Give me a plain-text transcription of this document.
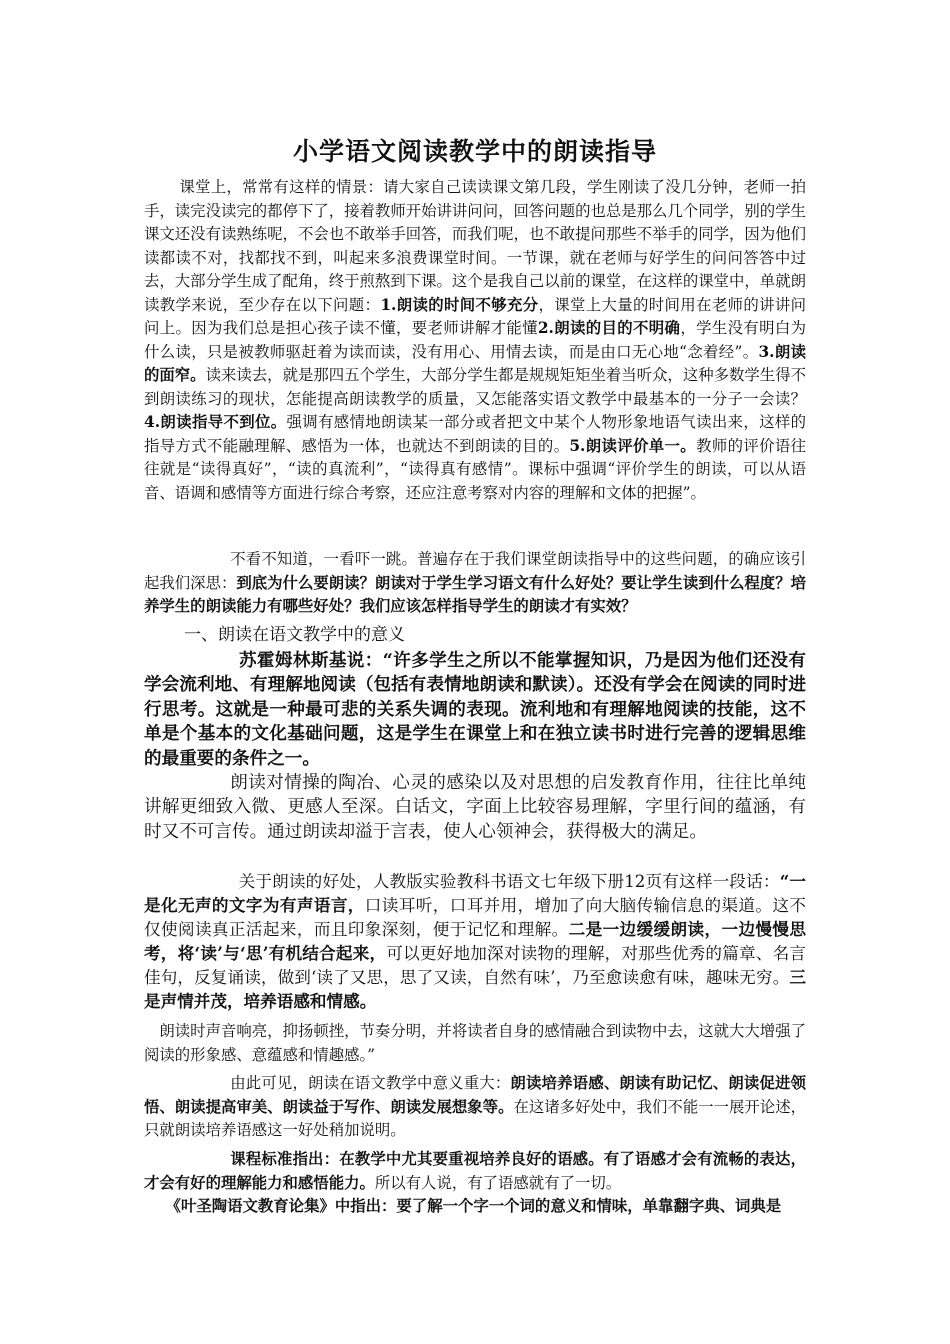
小学语文阅读教学中的朗读指导
课堂上，常常有这样的情景：请大家自己读读课文第几段，学生刚读了没几分钟，老师一拍手，读完没读完的都停下了，接着教师开始讲讲问问，回答问题的也总是那么几个同学，别的学生课文还没有读熟练呢，不会也不敢举手回答，而我们呢，也不敢提问那些不举手的同学，因为他们读都读不对，找都找不到，叫起来多浪费课堂时间。一节课，就在老师与好学生的问问答答中过去，大部分学生成了配角，终于煎熬到下课。这个是我自己以前的课堂，在这样的课堂中，单就朗读教学来说，至少存在以下问题：1.朗读的时间不够充分，课堂上大量的时间用在老师的讲讲问问上。因为我们总是担心孩子读不懂，要老师讲解才能懂2.朗读的目的不明确，学生没有明白为什么读，只是被教师驱赶着为读而读，没有用心、用情去读，而是由口无心地“念着经”。3.朗读的面窄。读来读去，就是那四五个学生，大部分学生都是规规矩矩坐着当听众，这种多数学生得不到朗读练习的现状，怎能提高朗读教学的质量，又怎能落实语文教学中最基本的一分子一会读？4.朗读指导不到位。强调有感情地朗读某一部分或者把文中某个人物形象地语气读出来，这样的指导方式不能融理解、感悟为一体，也就达不到朗读的目的。5.朗读评价单一。教师的评价语往往就是“读得真好”，“读的真流利”，“读得真有感情”。课标中强调“评价学生的朗读，可以从语音、语调和感情等方面进行综合考察，还应注意考察对内容的理解和文体的把握”。
不看不知道，一看吓一跳。普遍存在于我们课堂朗读指导中的这些问题，的确应该引起我们深思：到底为什么要朗读？朗读对于学生学习语文有什么好处？要让学生读到什么程度？培养学生的朗读能力有哪些好处？我们应该怎样指导学生的朗读才有实效？
一、朗读在语文教学中的意义
苏霍姆林斯基说：“许多学生之所以不能掌握知识，乃是因为他们还没有学会流利地、有理解地阅读（包括有表情地朗读和默读）。还没有学会在阅读的同时进行思考。这就是一种最可悲的关系失调的表现。流利地和有理解地阅读的技能，这不单是个基本的文化基础问题，这是学生在课堂上和在独立读书时进行完善的逻辑思维的最重要的条件之一。
朗读对情操的陶冶、心灵的感染以及对思想的启发教育作用，往往比单纯讲解更细致入微、更感人至深。白话文，字面上比较容易理解，字里行间的蕴涵，有时又不可言传。通过朗读却溢于言表，使人心领神会，获得极大的满足。
关于朗读的好处，人教版实验教科书语文七年级下册12页有这样一段话：“一是化无声的文字为有声语言，口读耳听，口耳并用，增加了向大脑传输信息的渠道。这不仅使阅读真正活起来，而且印象深刻，便于记忆和理解。二是一边缓缓朗读，一边慢慢思考，将‘读’与‘思’有机结合起来，可以更好地加深对读物的理解，对那些优秀的篇章、名言佳句，反复诵读，做到‘读了又思，思了又读，自然有味’，乃至愈读愈有味，趣味无穷。三是声情并茂，培养语感和情感。
朗读时声音响亮，抑扬顿挫，节奏分明，并将读者自身的感情融合到读物中去，这就大大增强了阅读的形象感、意蕴感和情趣感。”
由此可见，朗读在语文教学中意义重大：朗读培养语感、朗读有助记忆、朗读促进领悟、朗读提高审美、朗读益于写作、朗读发展想象等。在这诸多好处中，我们不能一一展开论述，只就朗读培养语感这一好处稍加说明。
课程标准指出：在教学中尤其要重视培养良好的语感。有了语感才会有流畅的表达，才会有好的理解能力和感悟能力。所以有人说，有了语感就有了一切。
《叶圣陶语文教育论集》中指出：要了解一个字一个词的意义和情味，单靠翻字典、词典是
